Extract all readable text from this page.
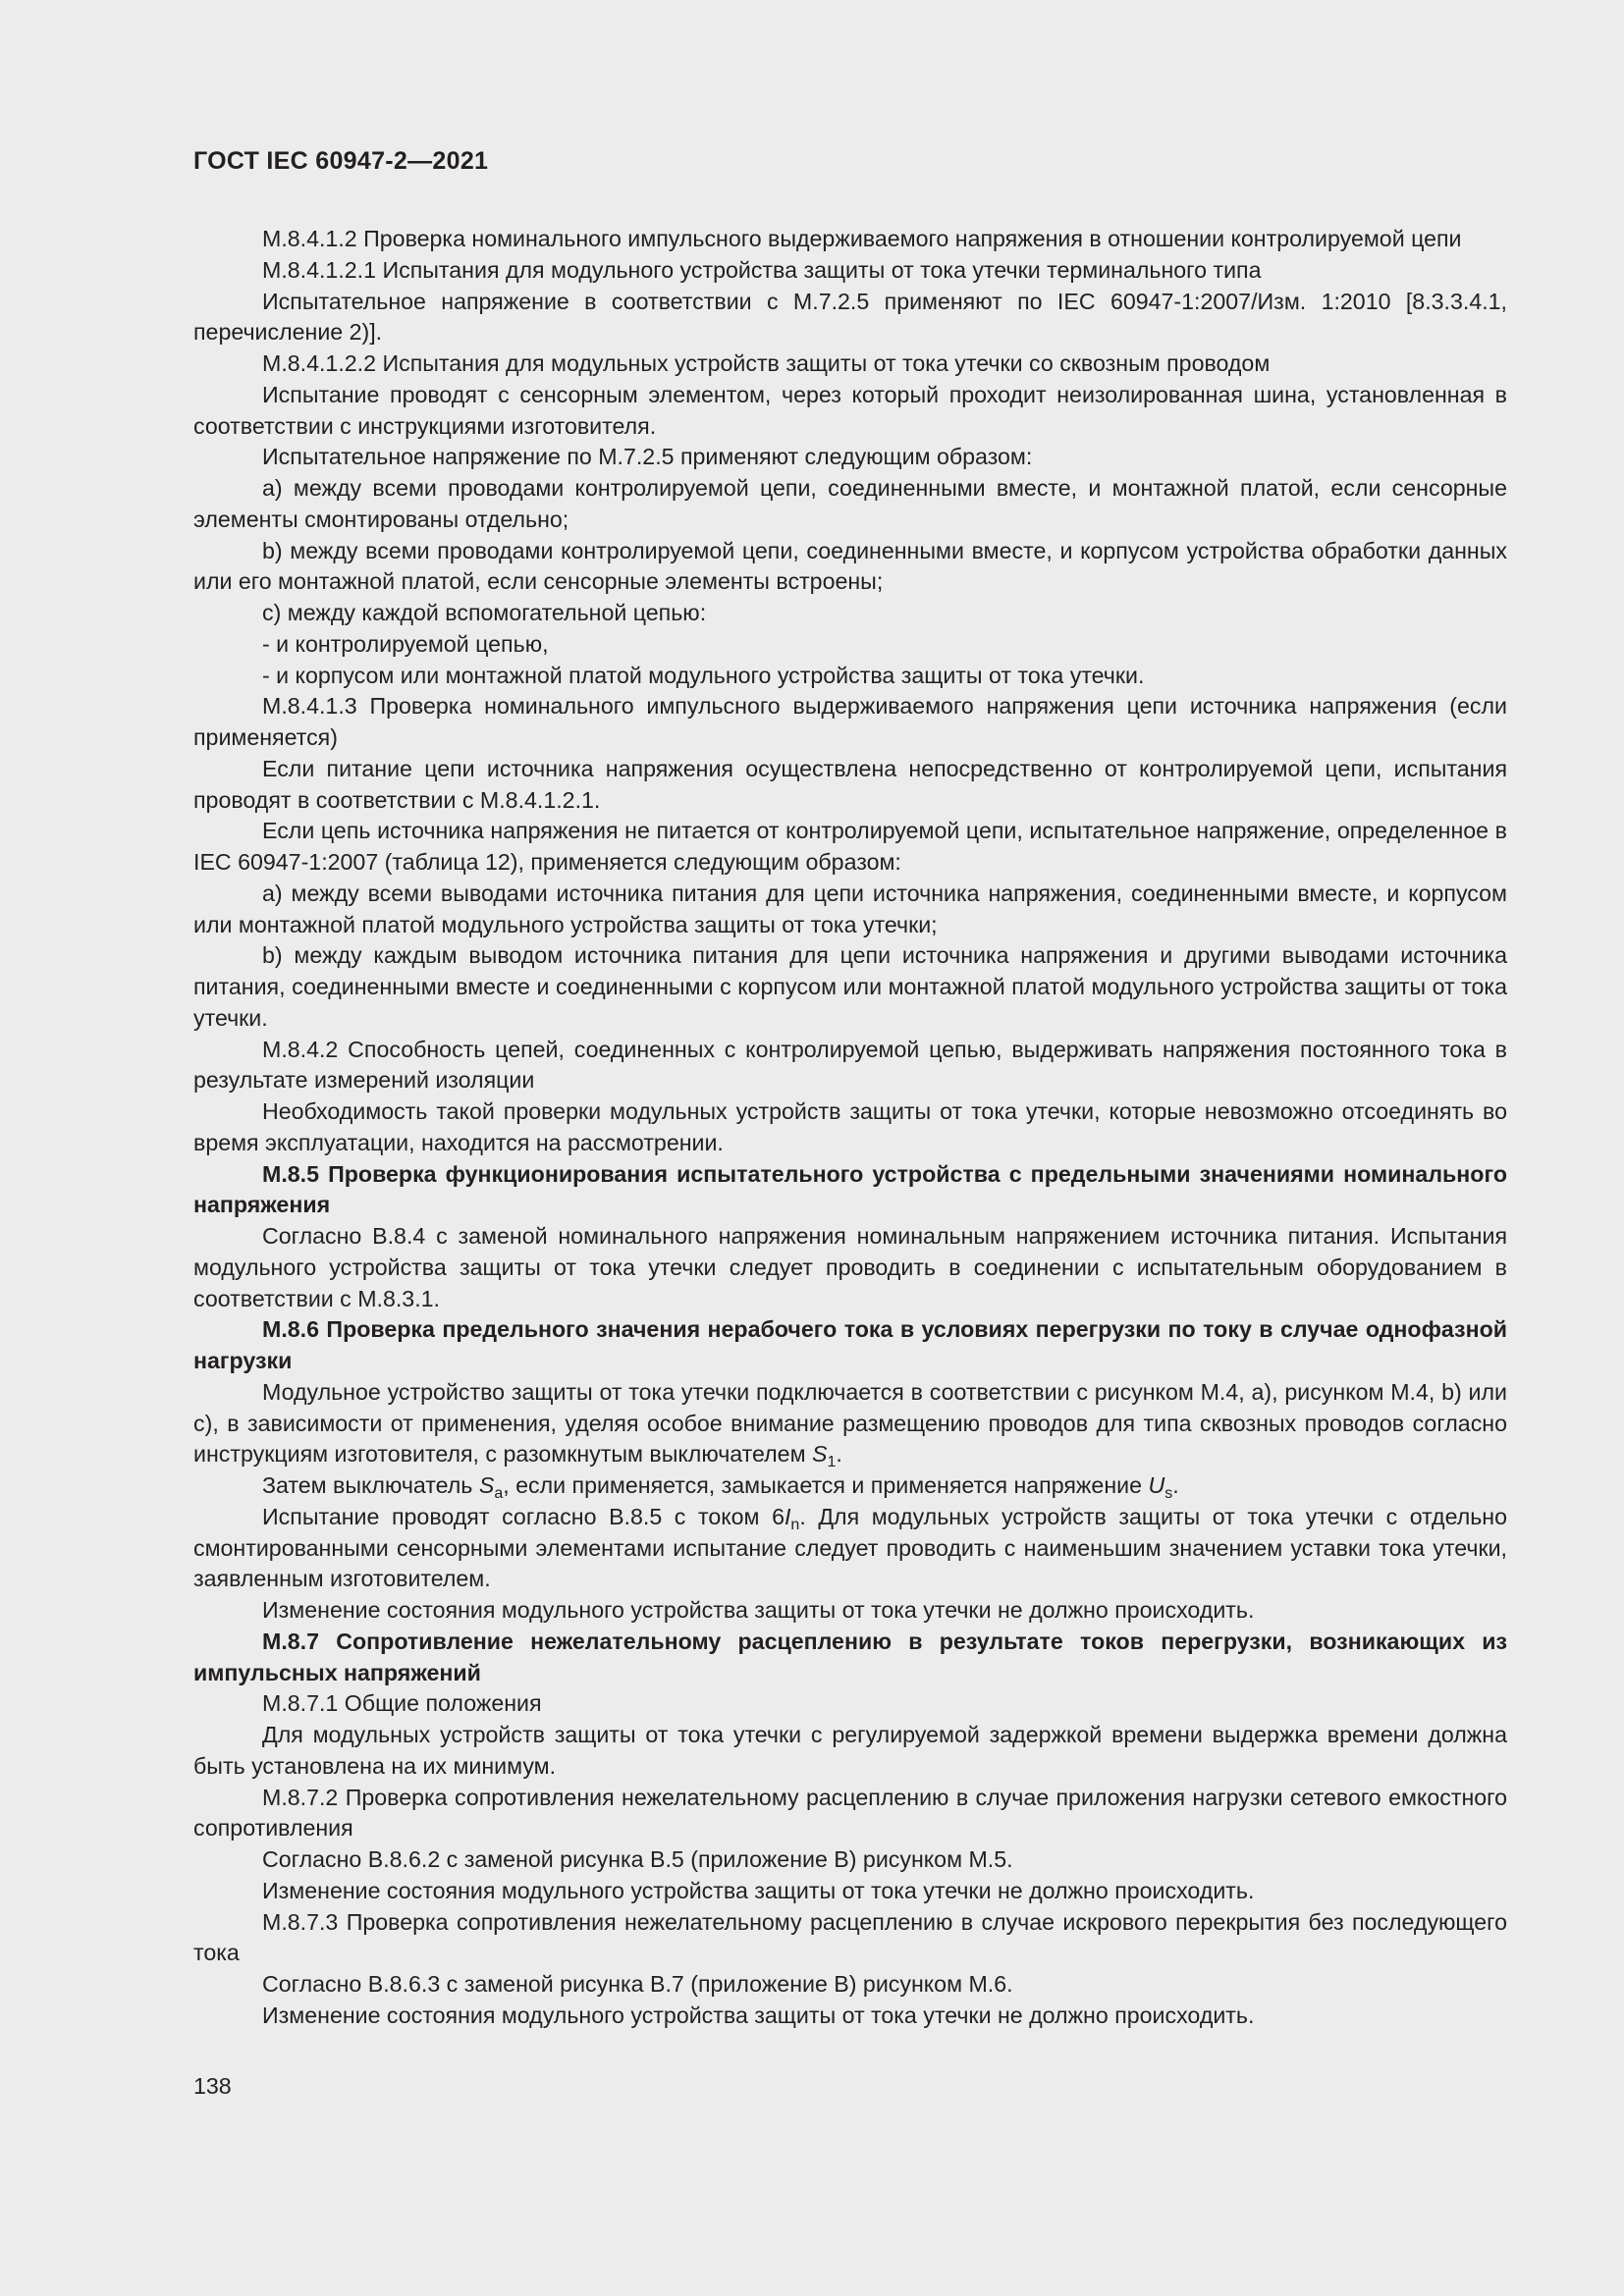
ГОСТ IEC 60947-2—2021

М.8.4.1.2 Проверка номинального импульсного выдерживаемого напряжения в отношении контролируемой цепи

М.8.4.1.2.1 Испытания для модульного устройства защиты от тока утечки терминального типа

Испытательное напряжение в соответствии с М.7.2.5 применяют по IEC 60947-1:2007/Изм. 1:2010 [8.3.3.4.1, перечисление 2)].

М.8.4.1.2.2 Испытания для модульных устройств защиты от тока утечки со сквозным проводом

Испытание проводят с сенсорным элементом, через который проходит неизолированная шина, установленная в соответствии с инструкциями изготовителя.

Испытательное напряжение по М.7.2.5 применяют следующим образом:

a) между всеми проводами контролируемой цепи, соединенными вместе, и монтажной платой, если сенсорные элементы смонтированы отдельно;

b) между всеми проводами контролируемой цепи, соединенными вместе, и корпусом устройства обработки данных или его монтажной платой, если сенсорные элементы встроены;

c) между каждой вспомогательной цепью:

- и контролируемой цепью,

- и корпусом или монтажной платой модульного устройства защиты от тока утечки.

М.8.4.1.3 Проверка номинального импульсного выдерживаемого напряжения цепи источника напряжения (если применяется)

Если питание цепи источника напряжения осуществлена непосредственно от контролируемой цепи, испытания проводят в соответствии с М.8.4.1.2.1.

Если цепь источника напряжения не питается от контролируемой цепи, испытательное напряжение, определенное в IEC 60947-1:2007 (таблица 12), применяется следующим образом:

a) между всеми выводами источника питания для цепи источника напряжения, соединенными вместе, и корпусом или монтажной платой модульного устройства защиты от тока утечки;

b) между каждым выводом источника питания для цепи источника напряжения и другими выводами источника питания, соединенными вместе и соединенными с корпусом или монтажной платой модульного устройства защиты от тока утечки.

М.8.4.2 Способность цепей, соединенных с контролируемой цепью, выдерживать напряжения постоянного тока в результате измерений изоляции

Необходимость такой проверки модульных устройств защиты от тока утечки, которые невозможно отсоединять во время эксплуатации, находится на рассмотрении.

М.8.5 Проверка функционирования испытательного устройства с предельными значениями номинального напряжения

Согласно B.8.4 с заменой номинального напряжения номинальным напряжением источника питания. Испытания модульного устройства защиты от тока утечки следует проводить в соединении с испытательным оборудованием в соответствии с М.8.3.1.

М.8.6 Проверка предельного значения нерабочего тока в условиях перегрузки по току в случае однофазной нагрузки

Модульное устройство защиты от тока утечки подключается в соответствии с рисунком М.4, a), рисунком М.4, b) или c), в зависимости от применения, уделяя особое внимание размещению проводов для типа сквозных проводов согласно инструкциям изготовителя, с разомкнутым выключателем $S_1$.

Затем выключатель $S_a$, если применяется, замыкается и применяется напряжение $U_s$.

Испытание проводят согласно B.8.5 с током $6I_n$. Для модульных устройств защиты от тока утечки с отдельно смонтированными сенсорными элементами испытание следует проводить с наименьшим значением уставки тока утечки, заявленным изготовителем.

Изменение состояния модульного устройства защиты от тока утечки не должно происходить.

М.8.7 Сопротивление нежелательному расцеплению в результате токов перегрузки, возникающих из импульсных напряжений

М.8.7.1 Общие положения

Для модульных устройств защиты от тока утечки с регулируемой задержкой времени выдержка времени должна быть установлена на их минимум.

М.8.7.2 Проверка сопротивления нежелательному расцеплению в случае приложения нагрузки сетевого емкостного сопротивления

Согласно B.8.6.2 с заменой рисунка B.5 (приложение B) рисунком М.5.

Изменение состояния модульного устройства защиты от тока утечки не должно происходить.

М.8.7.3 Проверка сопротивления нежелательному расцеплению в случае искрового перекрытия без последующего тока

Согласно B.8.6.3 с заменой рисунка B.7 (приложение B) рисунком М.6.

Изменение состояния модульного устройства защиты от тока утечки не должно происходить.

138
